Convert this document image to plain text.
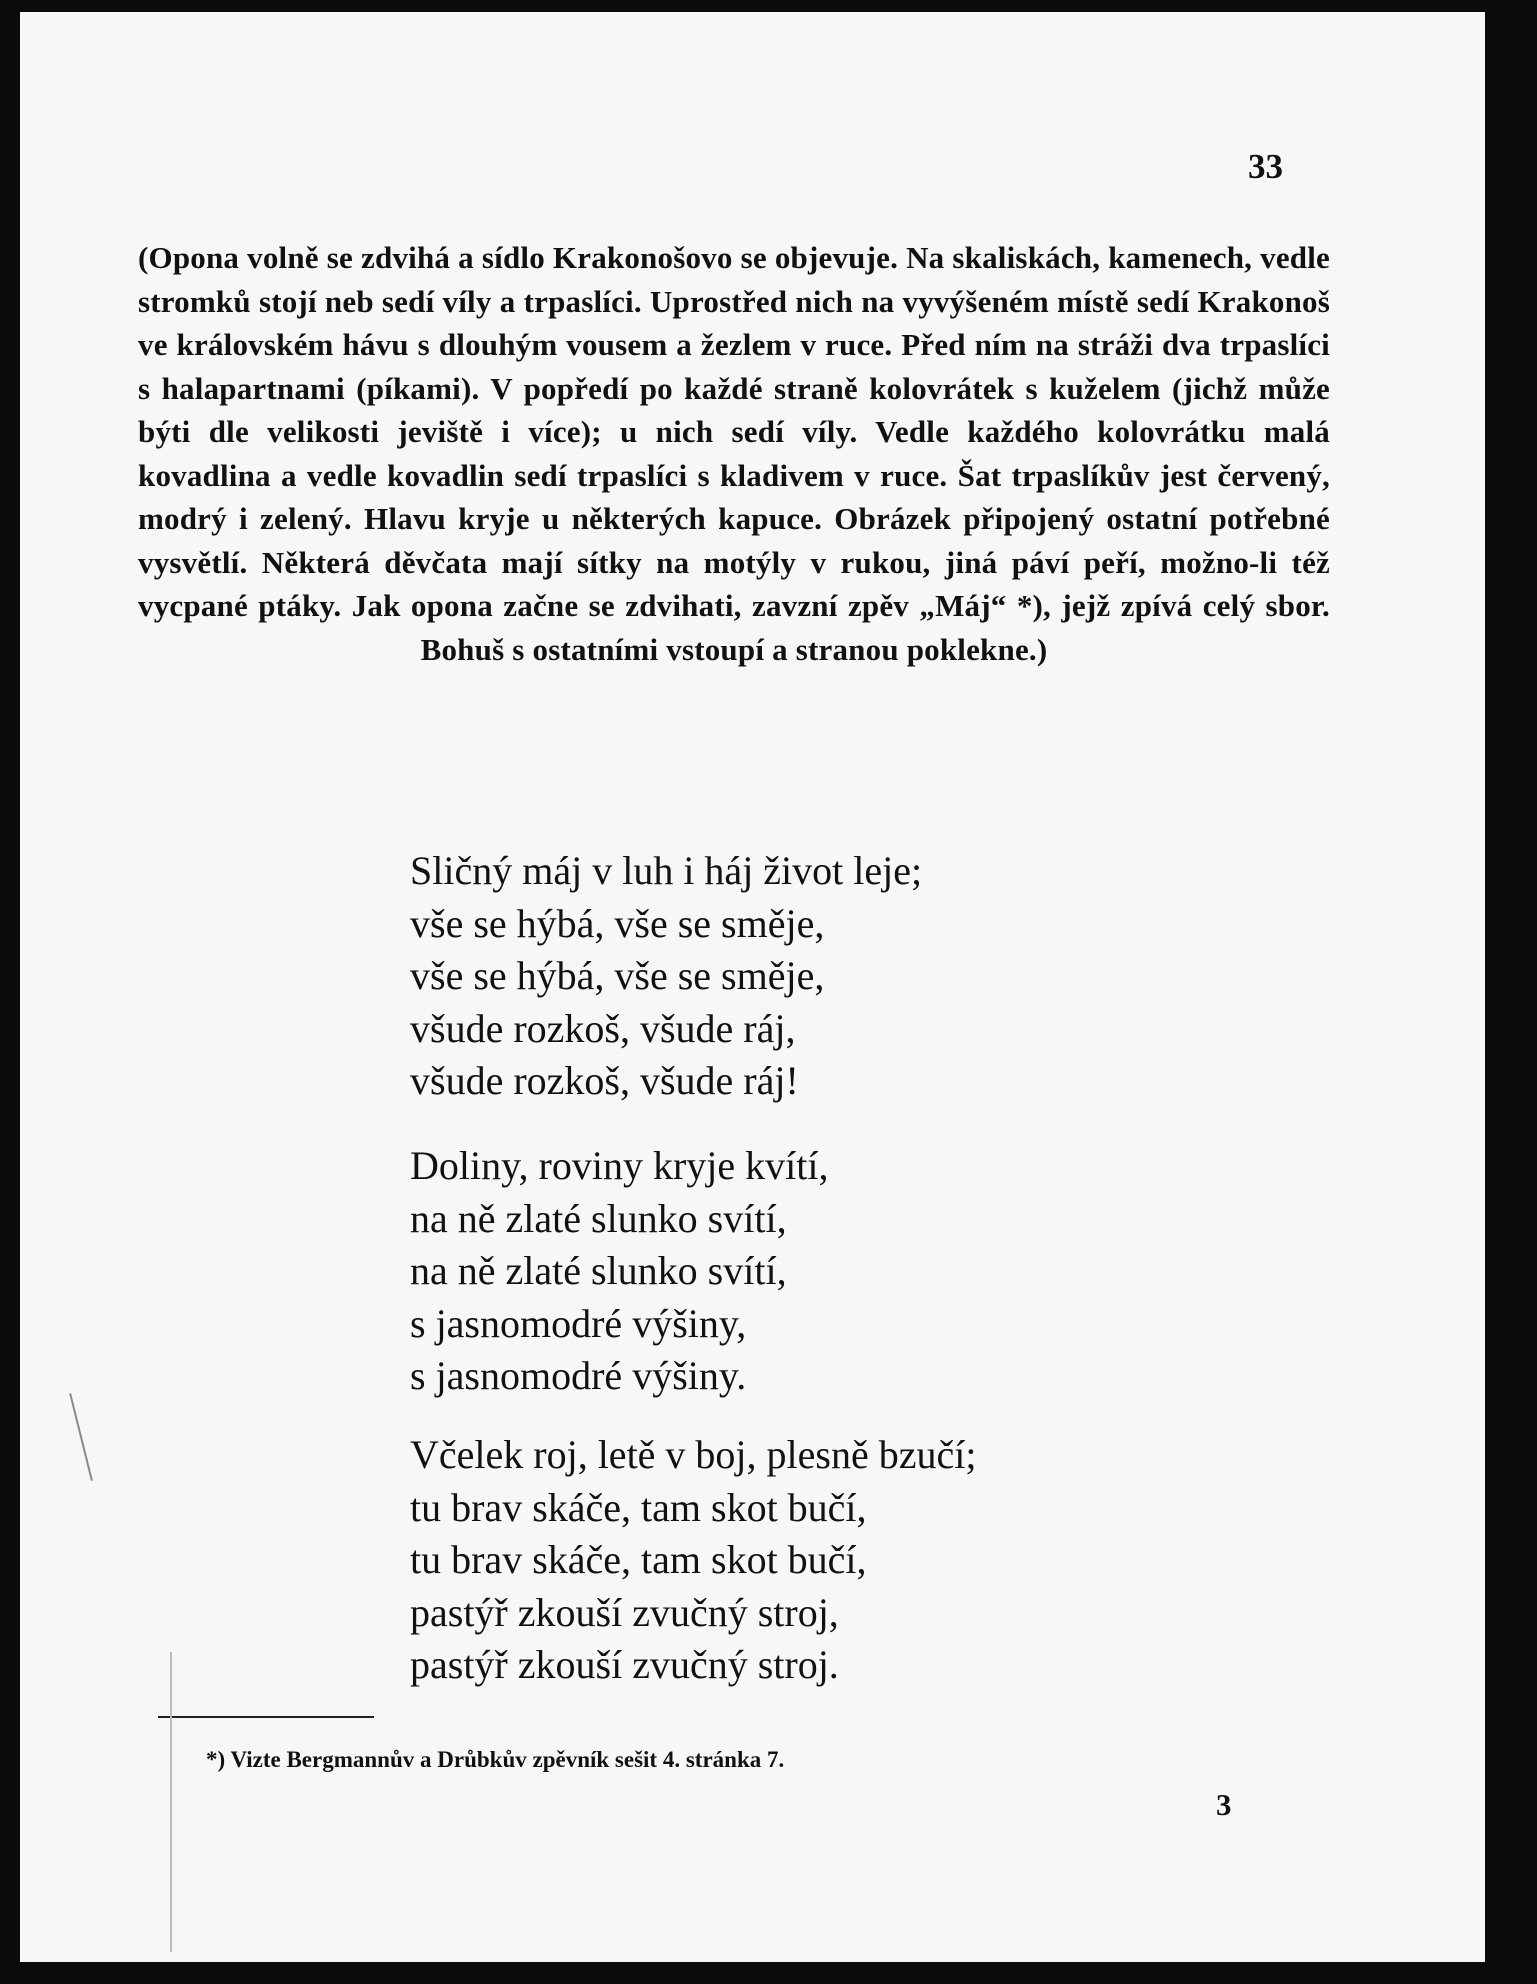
33

(Opona volně se zdvihá a sídlo Krakonošovo se objevuje. Na skaliskách, kamenech, vedle stromků stojí neb sedí víly a trpaslíci. Uprostřed nich na vyvýšeném místě sedí Krakonoš ve královském hávu s dlouhým vousem a žezlem v ruce. Před ním na stráži dva trpaslíci s halapartnami (píkami). V popředí po každé straně kolovrátek s kuželem (jichž může býti dle velikosti jeviště i více); u nich sedí víly. Vedle každého kolovrátku malá kovadlina a vedle kovadlin sedí trpaslíci s kladivem v ruce. Šat trpaslíkův jest červený, modrý i zelený. Hlavu kryje u některých kapuce. Obrázek připojený ostatní potřebné vysvětlí. Některá děvčata mají sítky na motýly v rukou, jiná páví peří, možno-li též vycpané ptáky. Jak opona začne se zdvihati, zavzní zpěv „Máj“ *), jejž zpívá celý sbor. Bohuš s ostatními vstoupí a stranou poklekne.)

Sličný máj v luh i háj život leje;
vše se hýbá, vše se směje,
vše se hýbá, vše se směje,
všude rozkoš, všude ráj,
všude rozkoš, všude ráj!
Doliny, roviny kryje kvítí,
na ně zlaté slunko svítí,
na ně zlaté slunko svítí,
s jasnomodré výšiny,
s jasnomodré výšiny.
Včelek roj, letě v boj, plesně bzučí;
tu brav skáče, tam skot bučí,
tu brav skáče, tam skot bučí,
pastýř zkouší zvučný stroj,
pastýř zkouší zvučný stroj.
*) Vizte Bergmannův a Drůbkův zpěvník sešit 4. stránka 7.
3
